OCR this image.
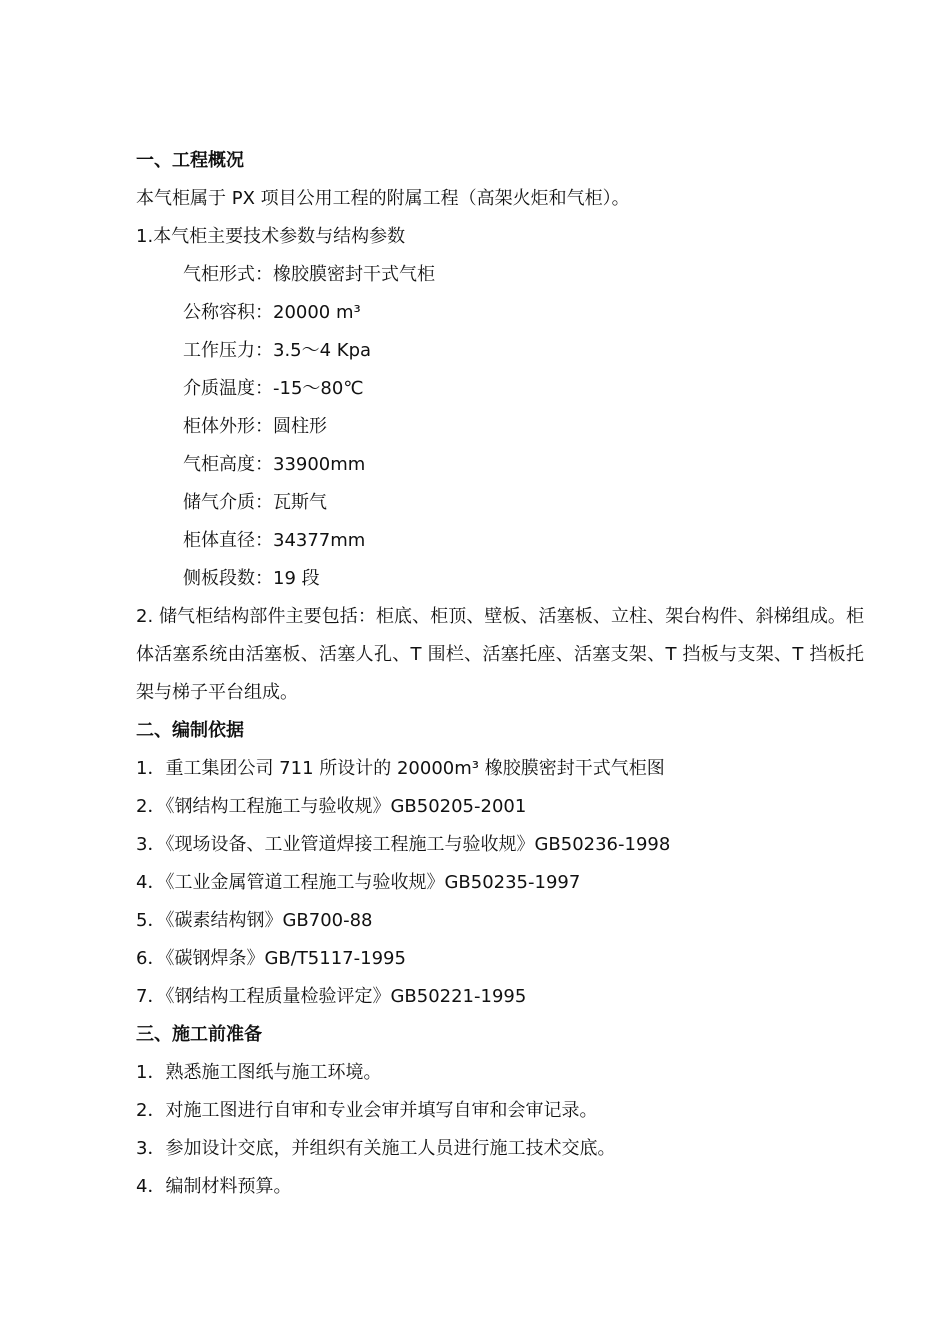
一、工程概况
本气柜属于 PX 项目公用工程的附属工程（高架火炬和气柜）。
1.本气柜主要技术参数与结构参数
气柜形式：橡胶膜密封干式气柜
公称容积：20000 m³
工作压力：3.5～4 Kpa
介质温度：-15～80℃
柜体外形：圆柱形
气柜高度：33900mm
储气介质：瓦斯气
柜体直径：34377mm
侧板段数：19 段
2. 储气柜结构部件主要包括：柜底、柜顶、壁板、活塞板、立柱、架台构件、斜梯组成。柜体活塞系统由活塞板、活塞人孔、T 围栏、活塞托座、活塞支架、T 挡板与支架、T 挡板托架与梯子平台组成。
二、编制依据
1．重工集团公司 711 所设计的 20000m³ 橡胶膜密封干式气柜图
2．《钢结构工程施工与验收规》GB50205-2001
3．《现场设备、工业管道焊接工程施工与验收规》GB50236-1998
4．《工业金属管道工程施工与验收规》GB50235-1997
5．《碳素结构钢》GB700-88
6．《碳钢焊条》GB/T5117-1995
7．《钢结构工程质量检验评定》GB50221-1995
三、施工前准备
1．熟悉施工图纸与施工环境。
2．对施工图进行自审和专业会审并填写自审和会审记录。
3．参加设计交底，并组织有关施工人员进行施工技术交底。
4．编制材料预算。
